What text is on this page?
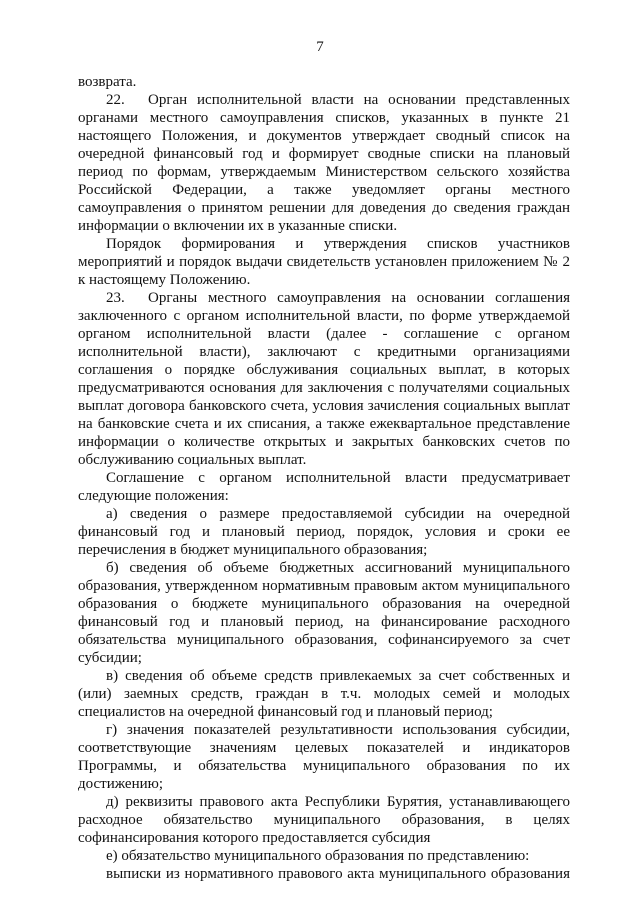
7

возврата.

22. Орган исполнительной власти на основании представленных органами местного самоуправления списков, указанных в пункте 21 настоящего Положения, и документов утверждает сводный список на очередной финансовый год и формирует сводные списки на плановый период по формам, утверждаемым Министерством сельского хозяйства Российской Федерации, а также уведомляет органы местного самоуправления о принятом решении для доведения до сведения граждан информации о включении их в указанные списки.

Порядок формирования и утверждения списков участников мероприятий и порядок выдачи свидетельств установлен приложением № 2 к настоящему Положению.

23. Органы местного самоуправления на основании соглашения заключенного с органом исполнительной власти, по форме утверждаемой органом исполнительной власти (далее - соглашение с органом исполнительной власти), заключают с кредитными организациями соглашения о порядке обслуживания социальных выплат, в которых предусматриваются основания для заключения с получателями социальных выплат договора банковского счета, условия зачисления социальных выплат на банковские счета и их списания, а также ежеквартальное представление информации о количестве открытых и закрытых банковских счетов по обслуживанию социальных выплат.

Соглашение с органом исполнительной власти предусматривает следующие положения:

а) сведения о размере предоставляемой субсидии на очередной финансовый год и плановый период, порядок, условия и сроки ее перечисления в бюджет муниципального образования;

б) сведения об объеме бюджетных ассигнований муниципального образования, утвержденном нормативным правовым актом муниципального образования о бюджете муниципального образования на очередной финансовый год и плановый период, на финансирование расходного обязательства муниципального образования, софинансируемого за счет субсидии;

в) сведения об объеме средств привлекаемых за счет собственных и (или) заемных средств, граждан в т.ч. молодых семей и молодых специалистов на очередной финансовый год и плановый период;

г) значения показателей результативности использования субсидии, соответствующие значениям целевых показателей и индикаторов Программы, и обязательства муниципального образования по их достижению;

д) реквизиты правового акта Республики Бурятия, устанавливающего расходное обязательство муниципального образования, в целях софинансирования которого предоставляется субсидия

е) обязательство муниципального образования по представлению:

выписки из нормативного правового акта муниципального образования
